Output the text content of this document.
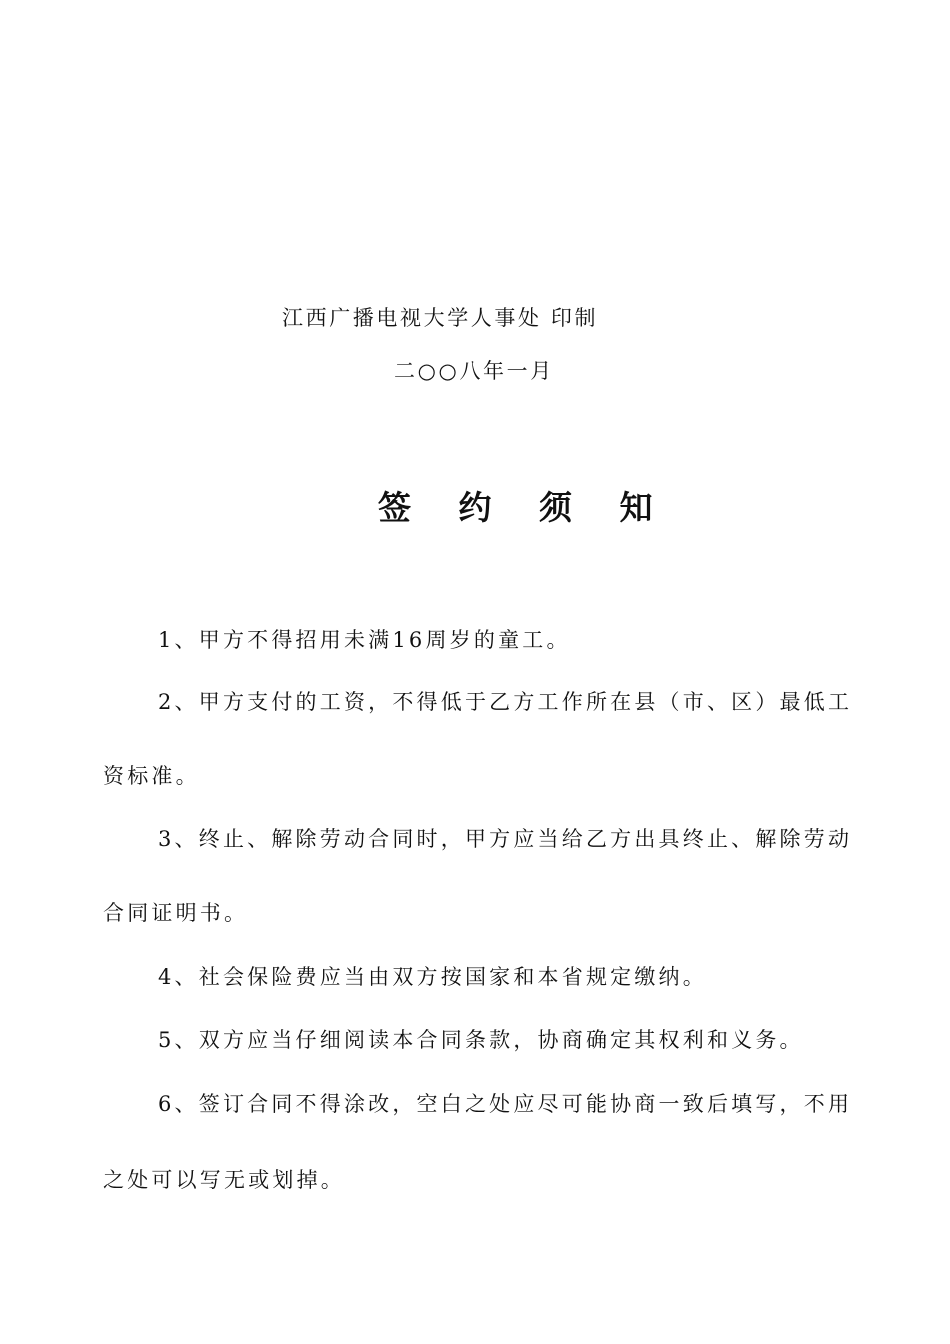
江西广播电视大学人事处 印制

二○○八年一月

签 约 须 知

1、甲方不得招用未满16周岁的童工。

2、甲方支付的工资，不得低于乙方工作所在县（市、区）最低工

资标准。

3、终止、解除劳动合同时，甲方应当给乙方出具终止、解除劳动

合同证明书。

4、社会保险费应当由双方按国家和本省规定缴纳。

5、双方应当仔细阅读本合同条款，协商确定其权利和义务。

6、签订合同不得涂改，空白之处应尽可能协商一致后填写，不用

之处可以写无或划掉。
